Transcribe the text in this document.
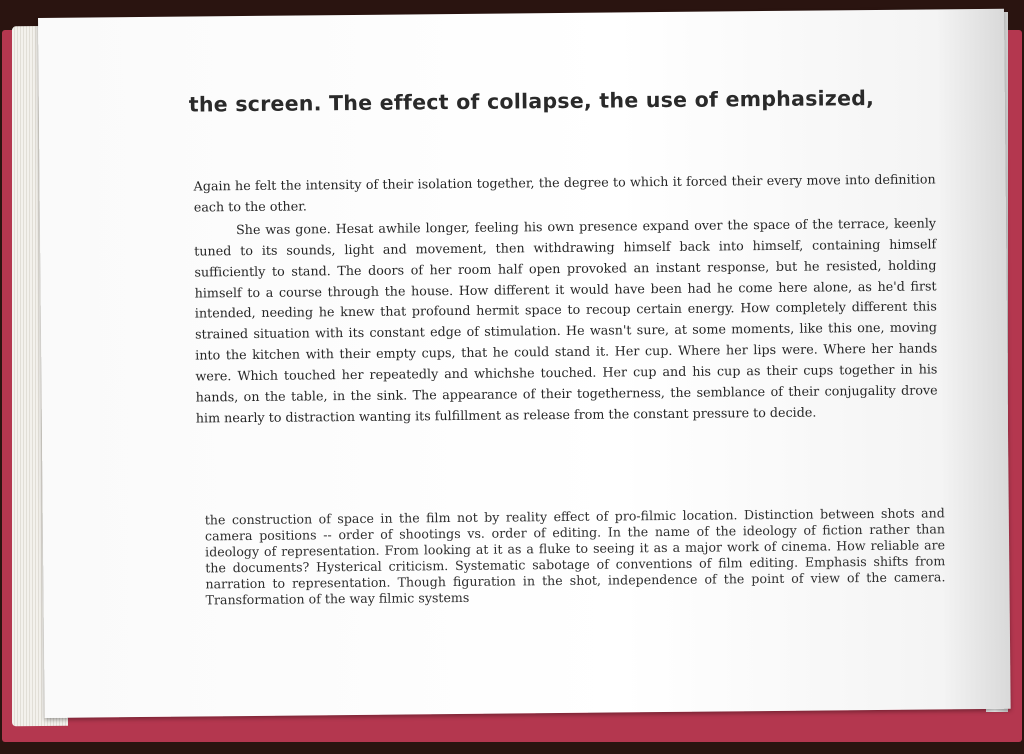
the screen. The effect of collapse, the use of emphasized,

Again he felt the intensity of their isolation together, the degree to which it forced their every move into definition each to the other.

She was gone. Hesat awhile longer, feeling his own presence expand over the space of the terrace, keenly tuned to its sounds, light and movement, then withdrawing himself back into himself, containing himself sufficiently to stand. The doors of her room half open provoked an instant response, but he resisted, holding himself to a course through the house. How different it would have been had he come here alone, as he'd first intended, needing he knew that profound hermit space to recoup certain energy. How completely different this strained situation with its constant edge of stimulation. He wasn't sure, at some moments, like this one, moving into the kitchen with their empty cups, that he could stand it. Her cup. Where her lips were. Where her hands were. Which touched her repeatedly and whichshe touched. Her cup and his cup as their cups together in his hands, on the table, in the sink. The appearance of their togetherness, the semblance of their conjugality drove him nearly to distraction wanting its fulfillment as release from the constant pressure to decide.

the construction of space in the film not by reality effect of pro-filmic location. Distinction between shots and camera positions -- order of shootings vs. order of editing. In the name of the ideology of fiction rather than ideology of representation. From looking at it as a fluke to seeing it as a major work of cinema. How reliable are the documents? Hysterical criticism. Systematic sabotage of conventions of film editing. Emphasis shifts from narration to representation. Though figuration in the shot, independence of the point of view of the camera. Transformation of the way filmic systems
